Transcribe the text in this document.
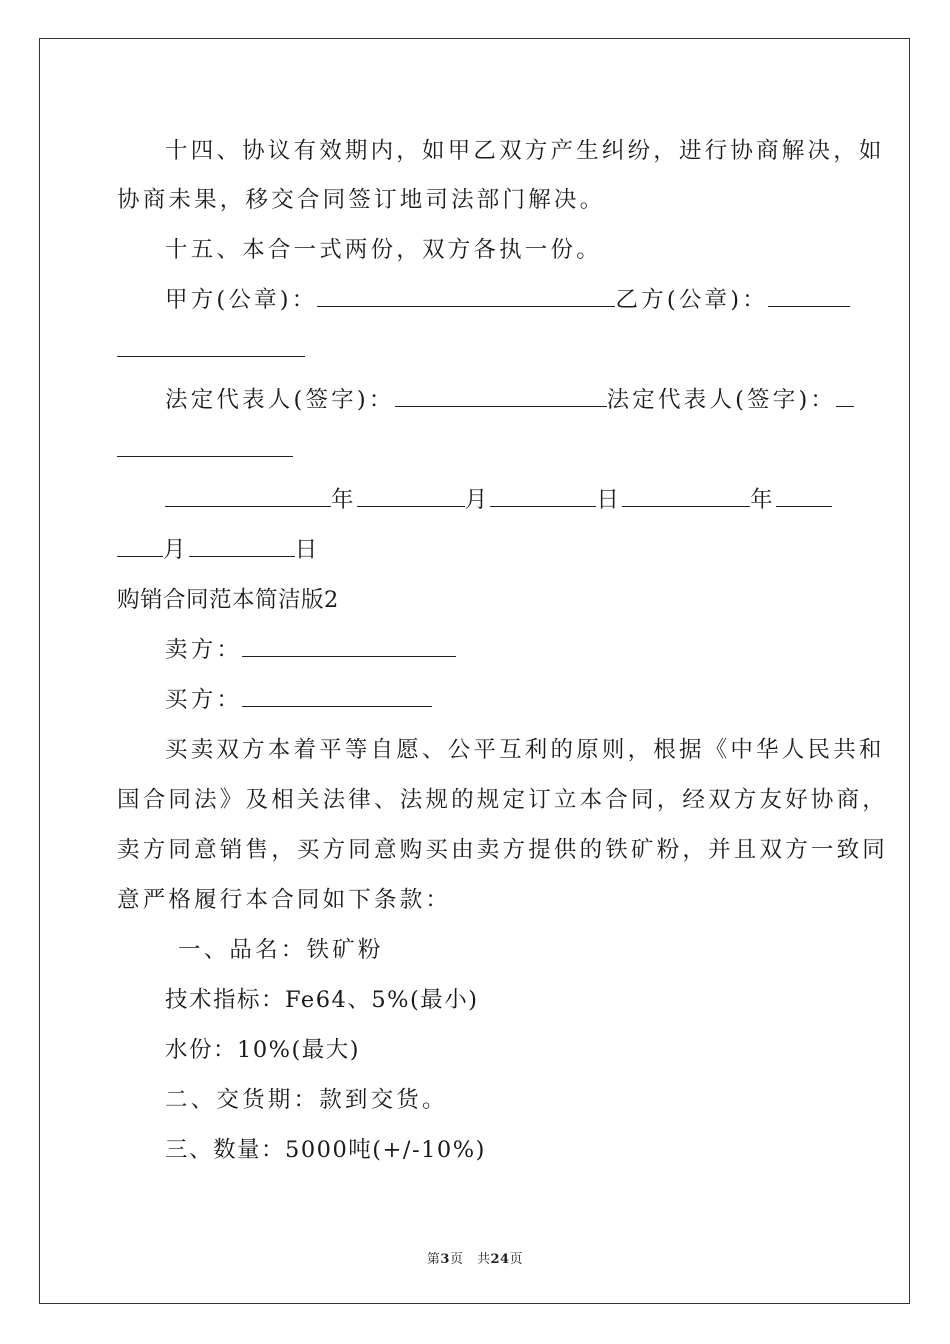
十四、协议有效期内，如甲乙双方产生纠纷，进行协商解决，如
协商未果，移交合同签订地司法部门解决。
十五、本合一式两份，双方各执一份。
甲方(公章)：	乙方(公章)：
法定代表人(签字)：	法定代表人(签字)：
年	月	日	年
月	日
购销合同范本简洁版2
卖方：
买方：
买卖双方本着平等自愿、公平互利的原则，根据《中华人民共和
国合同法》及相关法律、法规的规定订立本合同，经双方友好协商，
卖方同意销售，买方同意购买由卖方提供的铁矿粉，并且双方一致同
意严格履行本合同如下条款：
一、品名：铁矿粉
技术指标：Fe64、5%(最小)
水份：10%(最大)
二、交货期：款到交货。
三、数量：5000吨(+/-10%)
第3页　共24页
